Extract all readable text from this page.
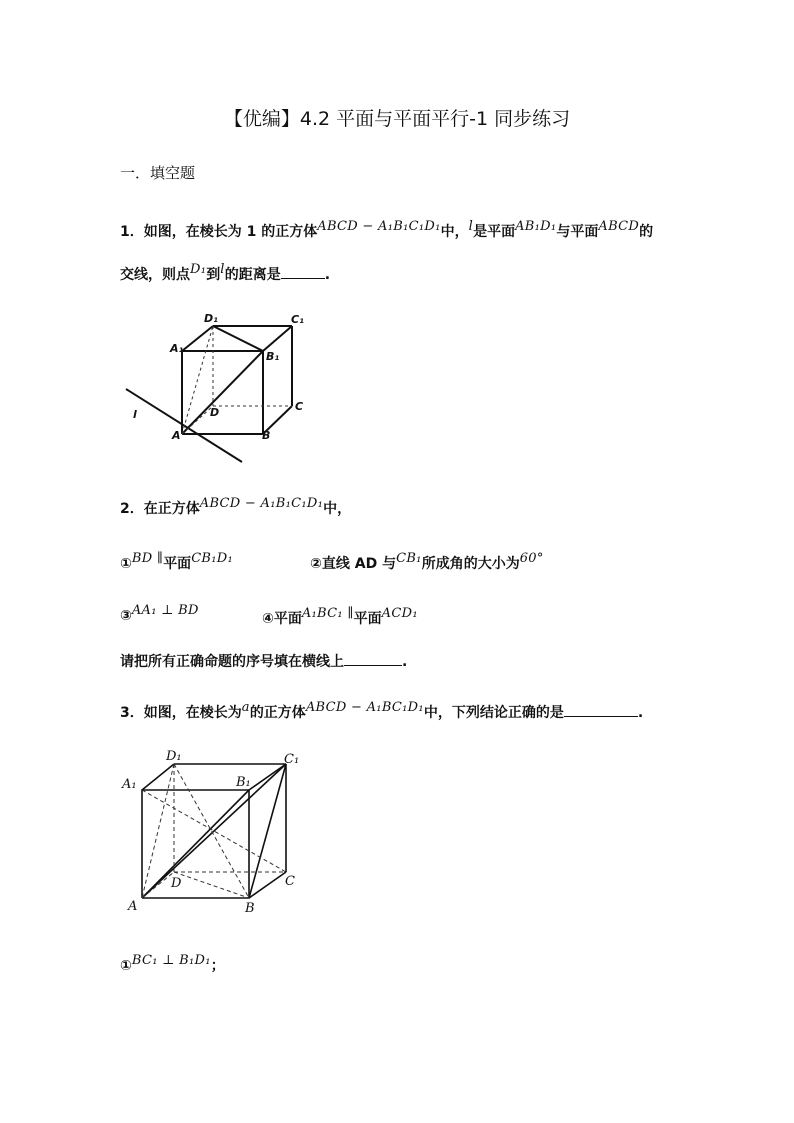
【优编】4.2 平面与平面平行-1 同步练习
一．填空题
1．如图，在棱长为 1 的正方体ABCD − A₁B₁C₁D₁中，l是平面AB₁D₁与平面ABCD的
交线，则点D₁到l的距离是	.
D₁	C₁
A₁
B₁
D	C
l
A	B
2．在正方体ABCD − A₁B₁C₁D₁中，
①BD ∥平面CB₁D₁	②直线 AD 与CB₁所成角的大小为60°
③AA₁ ⊥ BD
④平面A₁BC₁ ∥平面ACD₁
请把所有正确命题的序号填在横线上	.
3．如图，在棱长为a的正方体ABCD − A₁BC₁D₁中，下列结论正确的是	.
D₁	C₁
A₁	B₁
D	C
A	B
①BC₁ ⊥ B₁D₁；
